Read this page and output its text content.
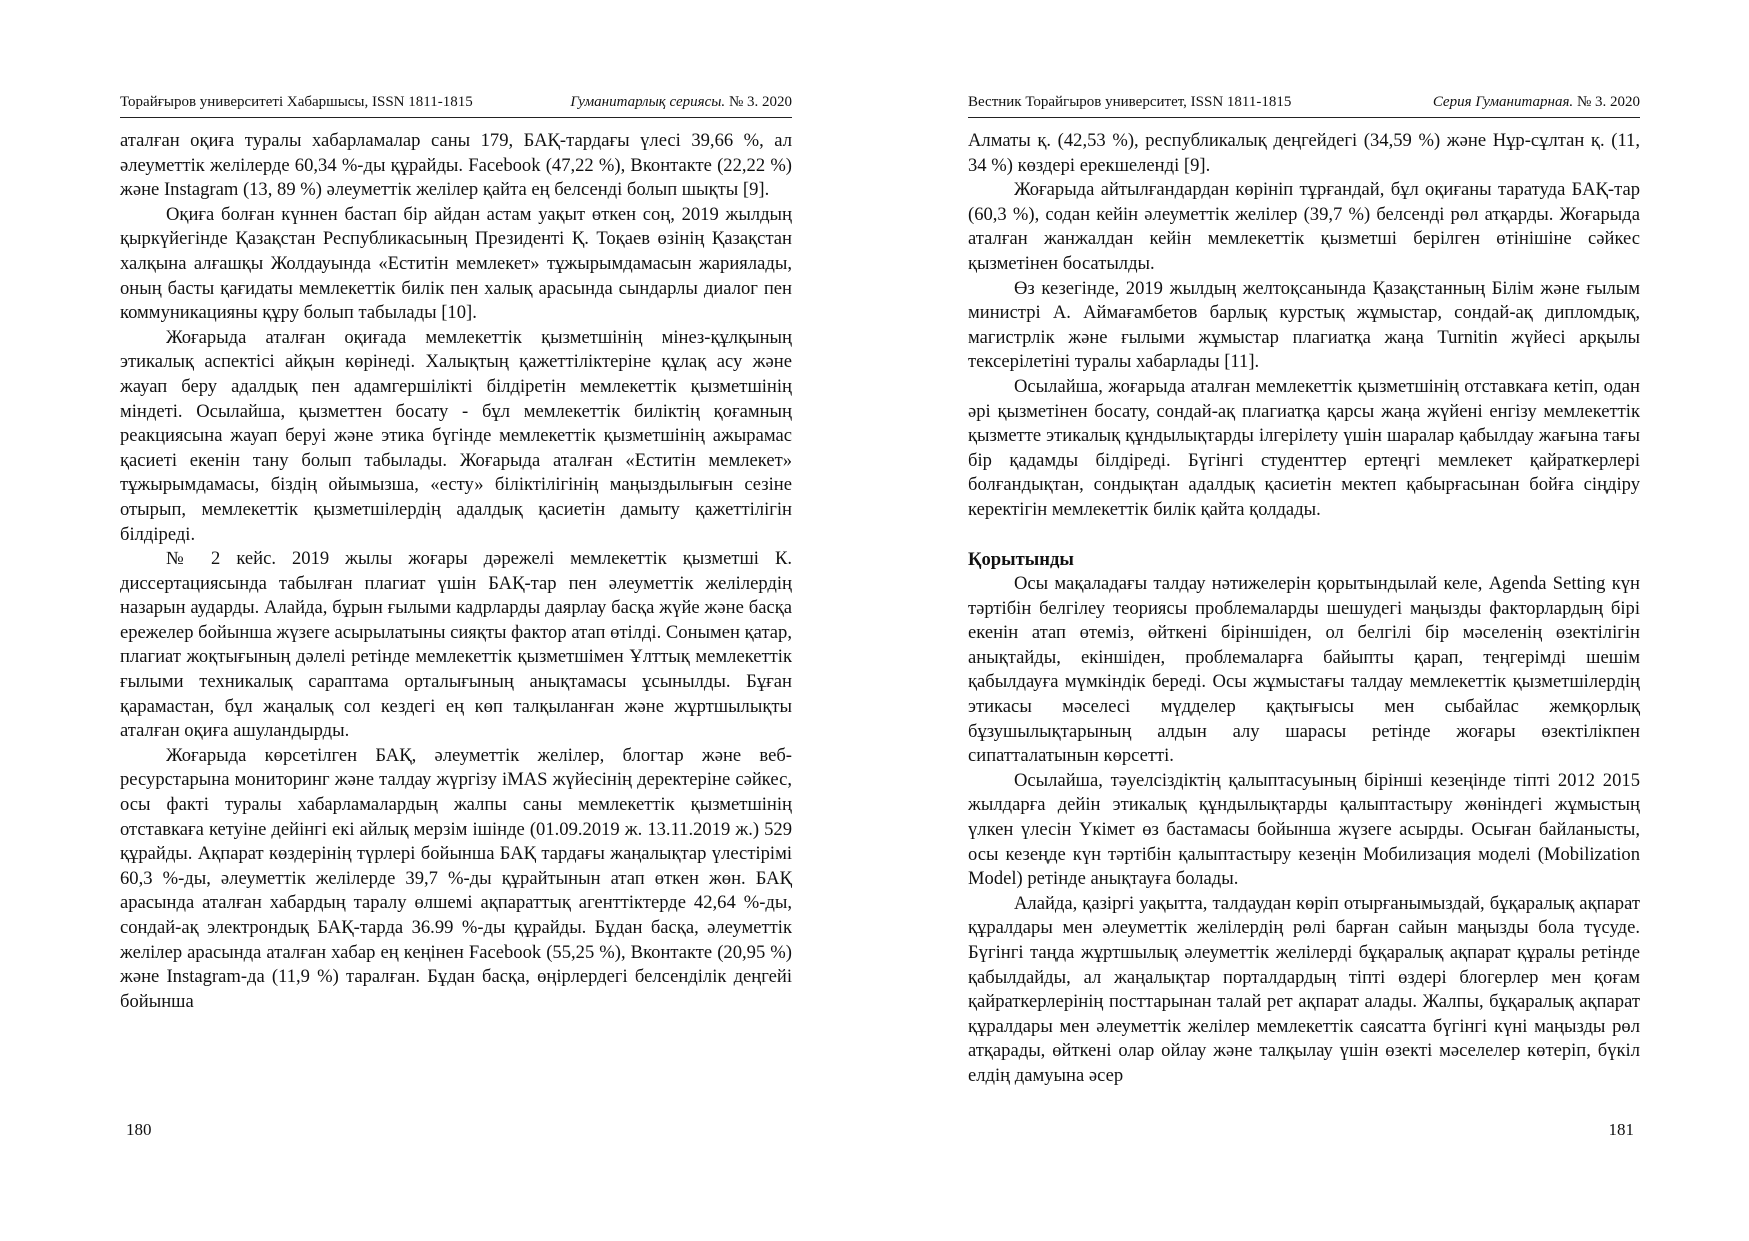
Торайғыров университеті Хабаршысы, ISSN 1811-1815	Гуманитарлық сериясы. № 3. 2020

аталған оқиға туралы хабарламалар саны 179, БАҚ-тардағы үлесі 39,66 %, ал әлеуметтік желілерде 60,34 %-ды құрайды. Facebook (47,22 %), Вконтакте (22,22 %) және Instagram (13, 89 %) әлеуметтік желілер қайта ең белсенді болып шықты [9].

Оқиға болған күннен бастап бір айдан астам уақыт өткен соң, 2019 жылдың қыркүйегінде Қазақстан Республикасының Президенті Қ. Тоқаев өзінің Қазақстан халқына алғашқы Жолдауында «Еститін мемлекет» тұжырымдамасын жариялады, оның басты қағидаты мемлекеттік билік пен халық арасында сындарлы диалог пен коммуникацияны құру болып табылады [10].

Жоғарыда аталған оқиғада мемлекеттік қызметшінің мінез-құлқының этикалық аспектісі айқын көрінеді. Халықтың қажеттіліктеріне құлақ асу және жауап беру адалдық пен адамгершілікті білдіретін мемлекеттік қызметшінің міндеті. Осылайша, қызметтен босату - бұл мемлекеттік биліктің қоғамның реакциясына жауап беруі және этика бүгінде мемлекеттік қызметшінің ажырамас қасиеті екенін тану болып табылады. Жоғарыда аталған «Еститін мемлекет» тұжырымдамасы, біздің ойымызша, «есту» біліктілігінің маңыздылығын сезіне отырып, мемлекеттік қызметшілердің адалдық қасиетін дамыту қажеттілігін білдіреді.

№ 2 кейс. 2019 жылы жоғары дәрежелі мемлекеттік қызметші К. диссертациясында табылған плагиат үшін БАҚ-тар пен әлеуметтік желілердің назарын аударды. Алайда, бұрын ғылыми кадрларды даярлау басқа жүйе және басқа ережелер бойынша жүзеге асырылатыны сияқты фактор атап өтілді. Сонымен қатар, плагиат жоқтығының дәлелі ретінде мемлекеттік қызметшімен Ұлттық мемлекеттік ғылыми техникалық сараптама орталығының анықтамасы ұсынылды. Бұған қарамастан, бұл жаңалық сол кездегі ең көп талқыланған және жұртшылықты аталған оқиға ашуландырды.

Жоғарыда көрсетілген БАҚ, әлеуметтік желілер, блогтар және веб-ресурстарына мониторинг және талдау жүргізу iMAS жүйесінің деректеріне сәйкес, осы факті туралы хабарламалардың жалпы саны мемлекеттік қызметшінің отставкаға кетуіне дейінгі екі айлық мерзім ішінде (01.09.2019 ж. 13.11.2019 ж.) 529 құрайды. Ақпарат көздерінің түрлері бойынша БАҚ тардағы жаңалықтар үлестірімі 60,3 %-ды, әлеуметтік желілерде 39,7 %-ды құрайтынын атап өткен жөн. БАҚ арасында аталған хабардың таралу өлшемі ақпараттық агенттіктерде 42,64 %-ды, сондай-ақ электрондық БАҚ-тарда 36.99 %-ды құрайды. Бұдан басқа, әлеуметтік желілер арасында аталған хабар ең кеңінен Facebook (55,25 %), Вконтакте (20,95 %) және Instagram-да (11,9 %) таралған. Бұдан басқа, өңірлердегі белсенділік деңгейі бойынша

180
Вестник Торайгыров университет, ISSN 1811-1815	Серия Гуманитарная. № 3. 2020

Алматы қ. (42,53 %), республикалық деңгейдегі (34,59 %) және Нұр-сұлтан қ. (11, 34 %) көздері ерекшеленді [9].

Жоғарыда айтылғандардан көрініп тұрғандай, бұл оқиғаны таратуда БАҚ-тар (60,3 %), содан кейін әлеуметтік желілер (39,7 %) белсенді рөл атқарды. Жоғарыда аталған жанжалдан кейін мемлекеттік қызметші берілген өтінішіне сәйкес қызметінен босатылды.

Өз кезегінде, 2019 жылдың желтоқсанында Қазақстанның Білім және ғылым министрі А. Аймағамбетов барлық курстық жұмыстар, сондай-ақ дипломдық, магистрлік және ғылыми жұмыстар плагиатқа жаңа Turnitin жүйесі арқылы тексерілетіні туралы хабарлады [11].

Осылайша, жоғарыда аталған мемлекеттік қызметшінің отставкаға кетіп, одан әрі қызметінен босату, сондай-ақ плагиатқа қарсы жаңа жүйені енгізу мемлекеттік қызметте этикалық құндылықтарды ілгерілету үшін шаралар қабылдау жағына тағы бір қадамды білдіреді. Бүгінгі студенттер ертеңгі мемлекет қайраткерлері болғандықтан, сондықтан адалдық қасиетін мектеп қабырғасынан бойға сіңдіру керектігін мемлекеттік билік қайта қолдады.

Қорытынды

Осы мақаладағы талдау нәтижелерін қорытындылай келе, Agenda Setting күн тәртібін белгілеу теориясы проблемаларды шешудегі маңызды факторлардың бірі екенін атап өтеміз, өйткені біріншіден, ол белгілі бір мәселенің өзектілігін анықтайды, екіншіден, проблемаларға байыпты қарап, теңгерімді шешім қабылдауға мүмкіндік береді. Осы жұмыстағы талдау мемлекеттік қызметшілердің этикасы мәселесі мүдделер қақтығысы мен сыбайлас жемқорлық бұзушылықтарының алдын алу шарасы ретінде жоғары өзектілікпен сипатталатынын көрсетті.

Осылайша, тәуелсіздіктің қалыптасуының бірінші кезеңінде тіпті 2012 2015 жылдарға дейін этикалық құндылықтарды қалыптастыру жөніндегі жұмыстың үлкен үлесін Үкімет өз бастамасы бойынша жүзеге асырды. Осыған байланысты, осы кезеңде күн тәртібін қалыптастыру кезеңін Мобилизация моделі (Mobilization Model) ретінде анықтауға болады.

Алайда, қазіргі уақытта, талдаудан көріп отырғанымыздай, бұқаралық ақпарат құралдары мен әлеуметтік желілердің рөлі барған сайын маңызды бола түсуде. Бүгінгі таңда жұртшылық әлеуметтік желілерді бұқаралық ақпарат құралы ретінде қабылдайды, ал жаңалықтар порталдардың тіпті өздері блогерлер мен қоғам қайраткерлерінің посттарынан талай рет ақпарат алады. Жалпы, бұқаралық ақпарат құралдары мен әлеуметтік желілер мемлекеттік саясатта бүгінгі күні маңызды рөл атқарады, өйткені олар ойлау және талқылау үшін өзекті мәселелер көтеріп, бүкіл елдің дамуына әсер

181
